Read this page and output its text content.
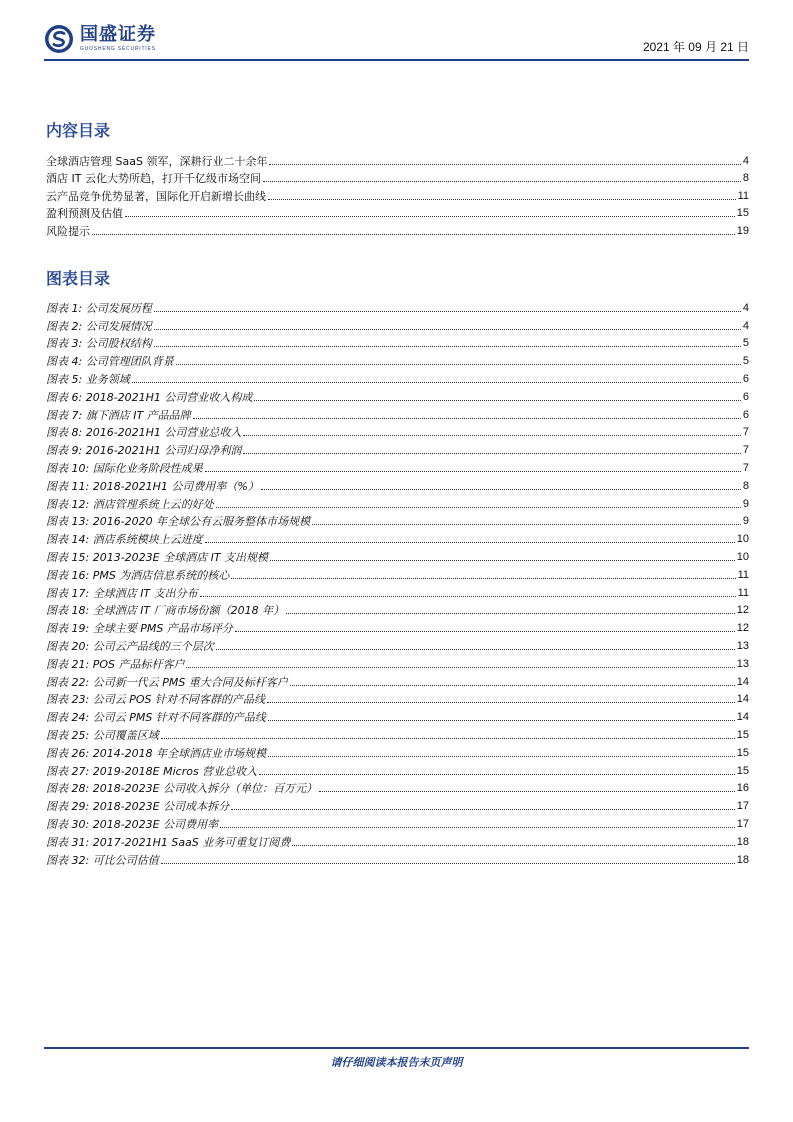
国盛证券
GUOSHENG SECURITIES	2021 年 09 月 21 日
内容目录
全球酒店管理 SaaS 领军，深耕行业二十余年	4
酒店 IT 云化大势所趋，打开千亿级市场空间	8
云产品竞争优势显著，国际化开启新增长曲线	11
盈利预测及估值	15
风险提示	19
图表目录
图表 1: 公司发展历程	4
图表 2: 公司发展情况	4
图表 3: 公司股权结构	5
图表 4: 公司管理团队背景	5
图表 5: 业务领域	6
图表 6: 2018-2021H1 公司营业收入构成	6
图表 7: 旗下酒店 IT 产品品牌	6
图表 8: 2016-2021H1 公司营业总收入	7
图表 9: 2016-2021H1 公司归母净利润	7
图表 10: 国际化业务阶段性成果	7
图表 11: 2018-2021H1 公司费用率（%）	8
图表 12: 酒店管理系统上云的好处	9
图表 13: 2016-2020 年全球公有云服务整体市场规模	9
图表 14: 酒店系统模块上云进度	10
图表 15: 2013-2023E 全球酒店 IT 支出规模	10
图表 16: PMS 为酒店信息系统的核心	11
图表 17: 全球酒店 IT 支出分布	11
图表 18: 全球酒店 IT 厂商市场份额（2018 年）	12
图表 19: 全球主要 PMS 产品市场评分	12
图表 20: 公司云产品线的三个层次	13
图表 21: POS 产品标杆客户	13
图表 22: 公司新一代云 PMS 重大合同及标杆客户	14
图表 23: 公司云 POS 针对不同客群的产品线	14
图表 24: 公司云 PMS 针对不同客群的产品线	14
图表 25: 公司覆盖区域	15
图表 26: 2014-2018 年全球酒店业市场规模	15
图表 27: 2019-2018E Micros 营业总收入	15
图表 28: 2018-2023E 公司收入拆分（单位：百万元）	16
图表 29: 2018-2023E 公司成本拆分	17
图表 30: 2018-2023E 公司费用率	17
图表 31: 2017-2021H1 SaaS 业务可重复订阅费	18
图表 32: 可比公司估值	18
请仔细阅读本报告末页声明
